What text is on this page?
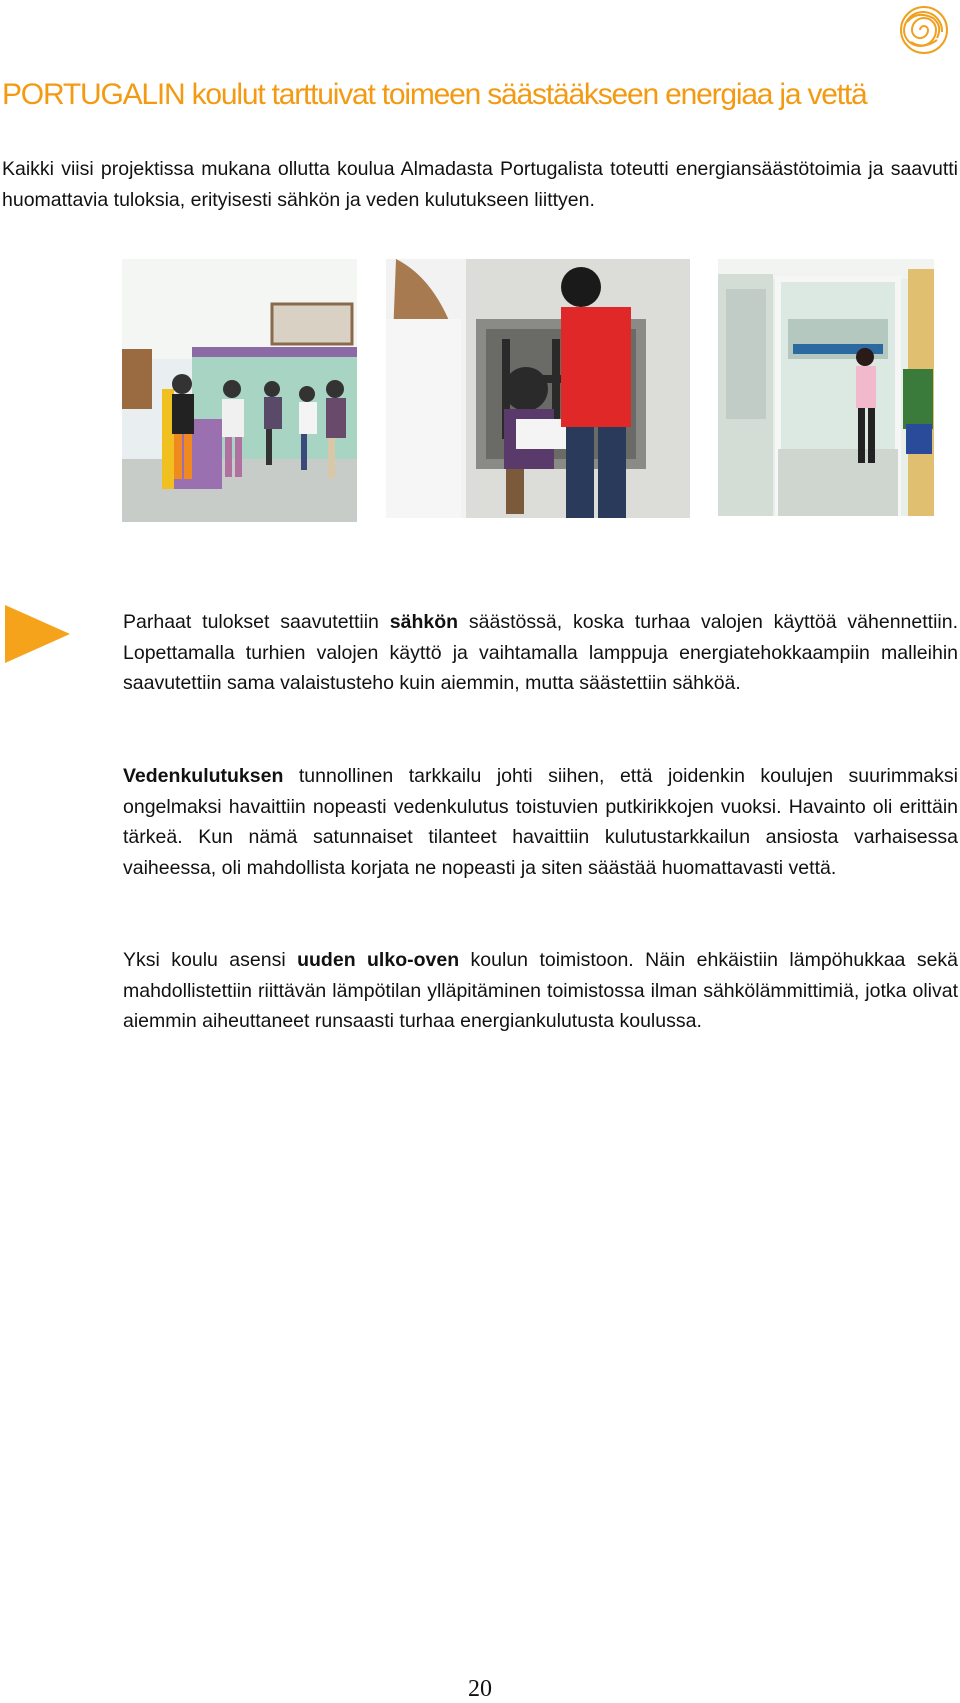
PORTUGALIN koulut tarttuivat toimeen säästääkseen energiaa ja vettä

Kaikki viisi projektissa mukana ollutta koulua Almadasta Portugalista toteutti energiansäästötoimia ja saavutti huomattavia tuloksia, erityisesti sähkön ja veden kulutukseen liittyen.

Parhaat tulokset saavutettiin sähkön säästössä, koska turhaa valojen käyttöä vähennettiin. Lopettamalla turhien valojen käyttö ja vaihtamalla lamppuja energiatehokkaampiin malleihin saavutettiin sama valaistusteho kuin aiemmin, mutta säästettiin sähköä.

Vedenkulutuksen tunnollinen tarkkailu johti siihen, että joidenkin koulujen suurimmaksi ongelmaksi havaittiin nopeasti vedenkulutus toistuvien putkirikkojen vuoksi. Havainto oli erittäin tärkeä. Kun nämä satunnaiset tilanteet havaittiin kulutustarkkailun ansiosta varhaisessa vaiheessa, oli mahdollista korjata ne nopeasti ja siten säästää huomattavasti vettä.

Yksi koulu asensi uuden ulko-oven koulun toimistoon. Näin ehkäistiin lämpöhukkaa sekä mahdollistettiin riittävän lämpötilan ylläpitäminen toimistossa ilman sähkölämmittimiä, jotka olivat aiemmin aiheuttaneet runsaasti turhaa energiankulutusta koulussa.

20
